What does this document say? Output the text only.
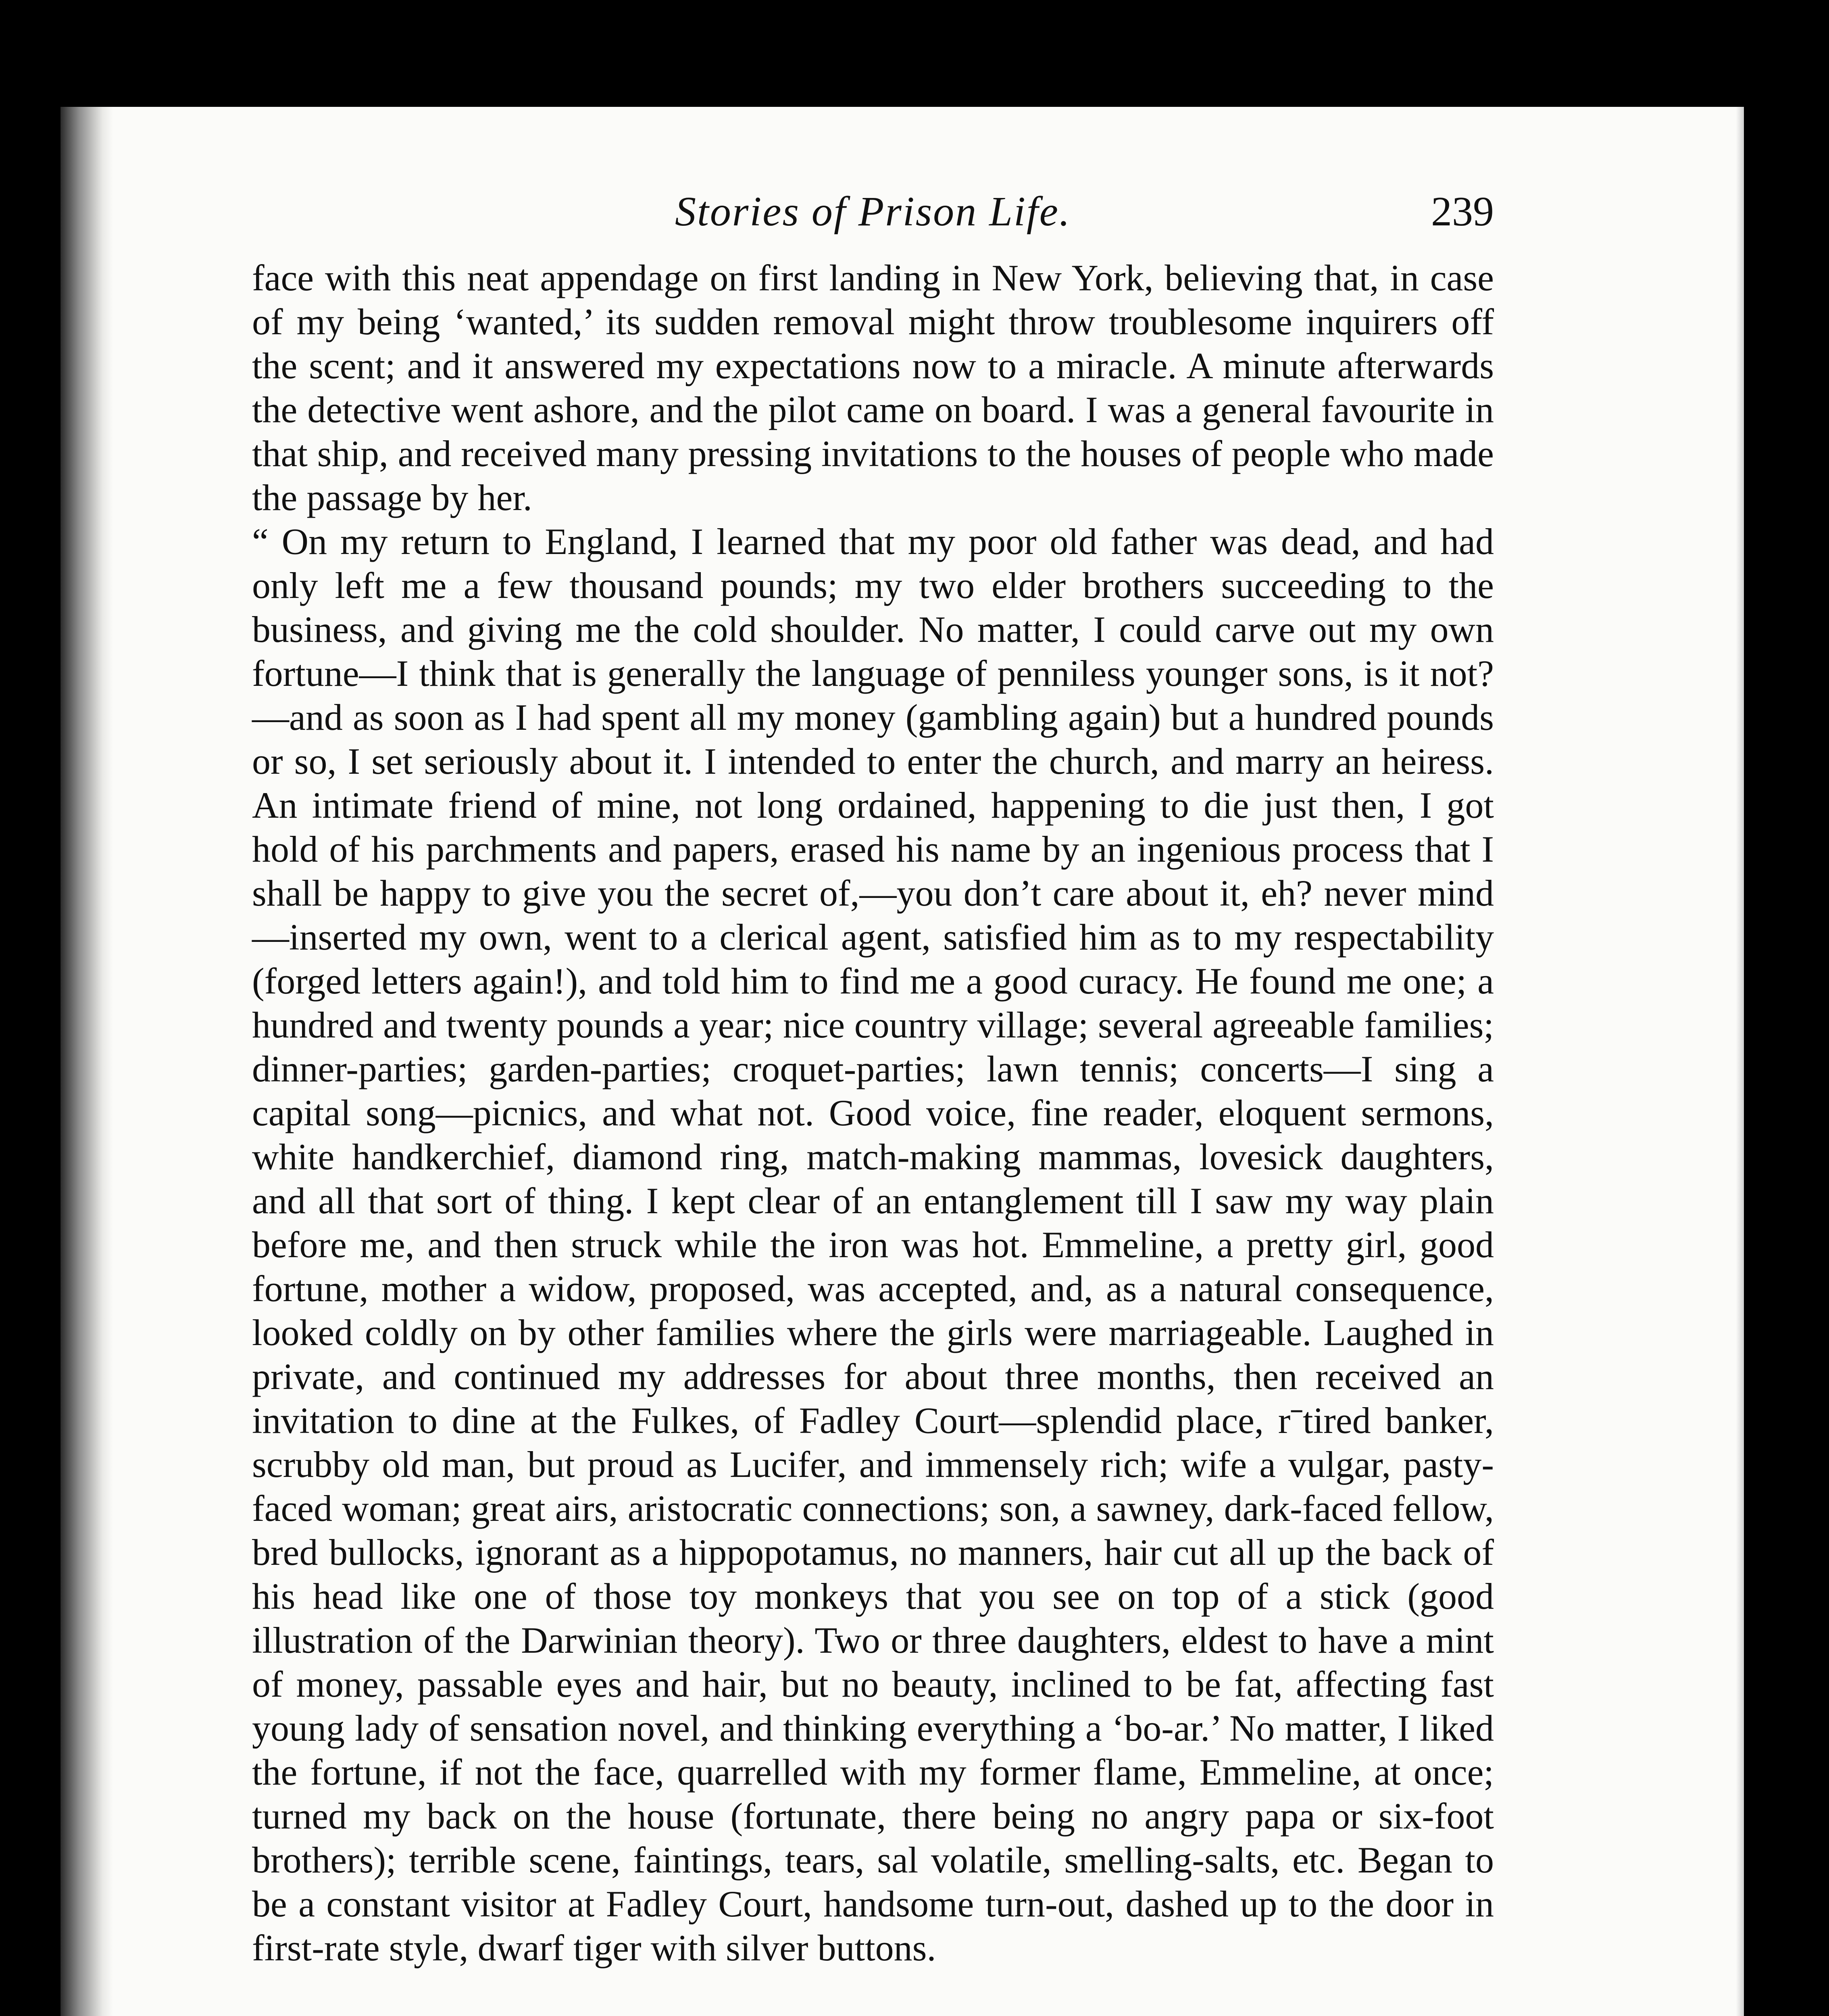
Stories of Prison Life.	239

face with this neat appendage on first landing in New York, believing that, in case of my being ‘wanted,’ its sudden removal might throw troublesome inquirers off the scent; and it answered my expectations now to a miracle. A minute afterwards the detective went ashore, and the pilot came on board. I was a general favourite in that ship, and received many pressing invitations to the houses of people who made the passage by her.

“ On my return to England, I learned that my poor old father was dead, and had only left me a few thousand pounds; my two elder brothers succeeding to the business, and giving me the cold shoulder. No matter, I could carve out my own fortune—I think that is generally the language of penniless younger sons, is it not?—and as soon as I had spent all my money (gambling again) but a hundred pounds or so, I set seriously about it. I intended to enter the church, and marry an heiress. An intimate friend of mine, not long ordained, happening to die just then, I got hold of his parchments and papers, erased his name by an ingenious process that I shall be happy to give you the secret of,—you don’t care about it, eh? never mind—inserted my own, went to a clerical agent, satisfied him as to my respectability (forged letters again!), and told him to find me a good curacy. He found me one; a hundred and twenty pounds a year; nice country village; several agreeable families; dinner-parties; garden-parties; croquet-parties; lawn tennis; concerts—I sing a capital song—picnics, and what not. Good voice, fine reader, eloquent sermons, white handkerchief, diamond ring, match-making mammas, lovesick daughters, and all that sort of thing. I kept clear of an entanglement till I saw my way plain before me, and then struck while the iron was hot. Emmeline, a pretty girl, good fortune, mother a widow, proposed, was accepted, and, as a natural consequence, looked coldly on by other families where the girls were marriageable. Laughed in private, and continued my addresses for about three months, then received an invitation to dine at the Fulkes, of Fadley Court—splendid place, rˉtired banker, scrubby old man, but proud as Lucifer, and immensely rich; wife a vulgar, pasty-faced woman; great airs, aristocratic connections; son, a sawney, dark-faced fellow, bred bullocks, ignorant as a hippopotamus, no manners, hair cut all up the back of his head like one of those toy monkeys that you see on top of a stick (good illustration of the Darwinian theory). Two or three daughters, eldest to have a mint of money, passable eyes and hair, but no beauty, inclined to be fat, affecting fast young lady of sensation novel, and thinking everything a ‘bo-ar.’ No matter, I liked the fortune, if not the face, quarrelled with my former flame, Emmeline, at once; turned my back on the house (fortunate, there being no angry papa or six-foot brothers); terrible scene, faintings, tears, sal volatile, smelling-salts, etc. Began to be a constant visitor at Fadley Court, handsome turn-out, dashed up to the door in first-rate style, dwarf tiger with silver buttons.
